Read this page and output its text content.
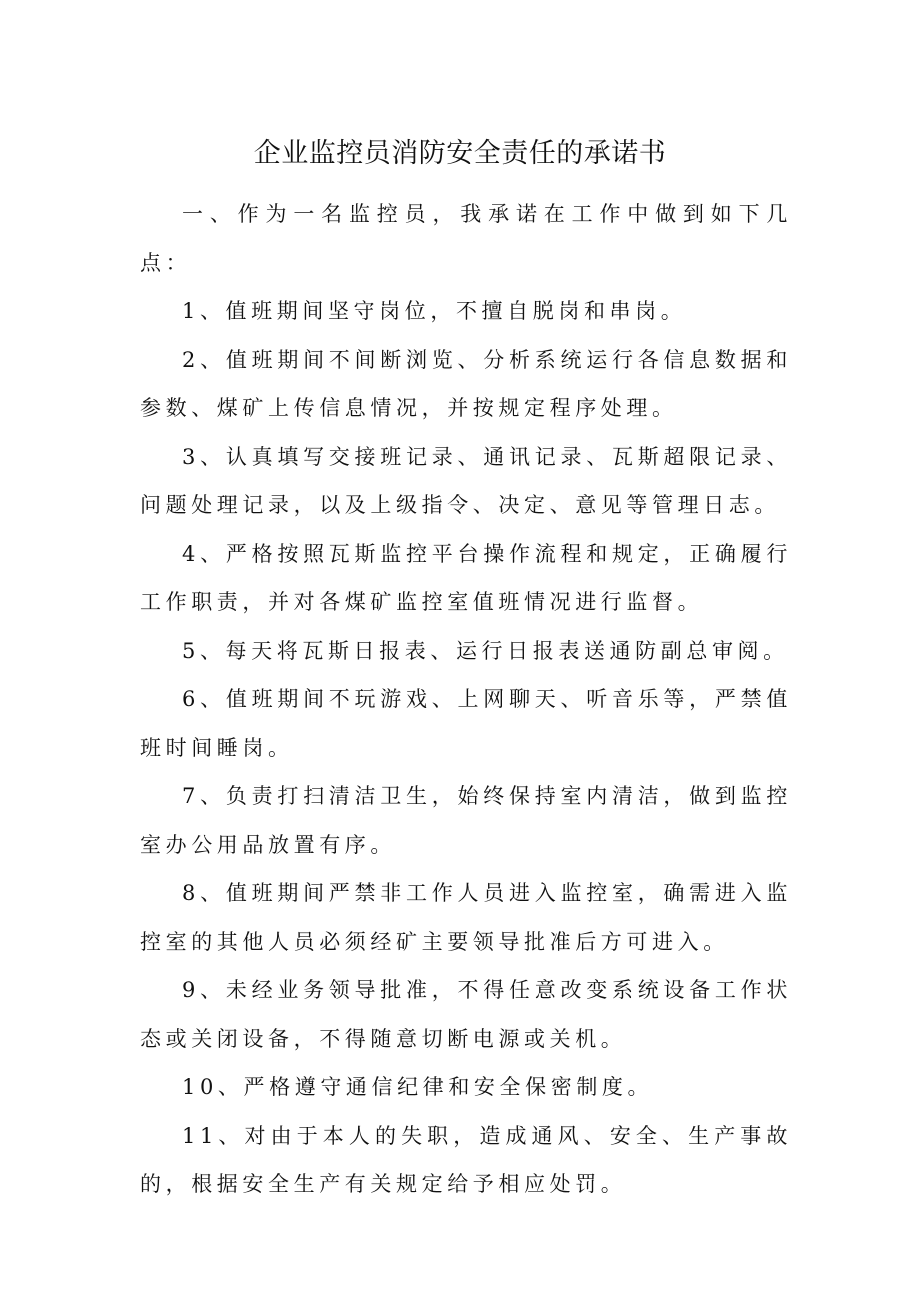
企业监控员消防安全责任的承诺书

一、作为一名监控员，我承诺在工作中做到如下几点：

1、值班期间坚守岗位，不擅自脱岗和串岗。

2、值班期间不间断浏览、分析系统运行各信息数据和参数、煤矿上传信息情况，并按规定程序处理。

3、认真填写交接班记录、通讯记录、瓦斯超限记录、问题处理记录，以及上级指令、决定、意见等管理日志。

4、严格按照瓦斯监控平台操作流程和规定，正确履行工作职责，并对各煤矿监控室值班情况进行监督。

5、每天将瓦斯日报表、运行日报表送通防副总审阅。

6、值班期间不玩游戏、上网聊天、听音乐等，严禁值班时间睡岗。

7、负责打扫清洁卫生，始终保持室内清洁，做到监控室办公用品放置有序。

8、值班期间严禁非工作人员进入监控室，确需进入监控室的其他人员必须经矿主要领导批准后方可进入。

9、未经业务领导批准，不得任意改变系统设备工作状态或关闭设备，不得随意切断电源或关机。

10、严格遵守通信纪律和安全保密制度。

11、对由于本人的失职，造成通风、安全、生产事故的，根据安全生产有关规定给予相应处罚。
